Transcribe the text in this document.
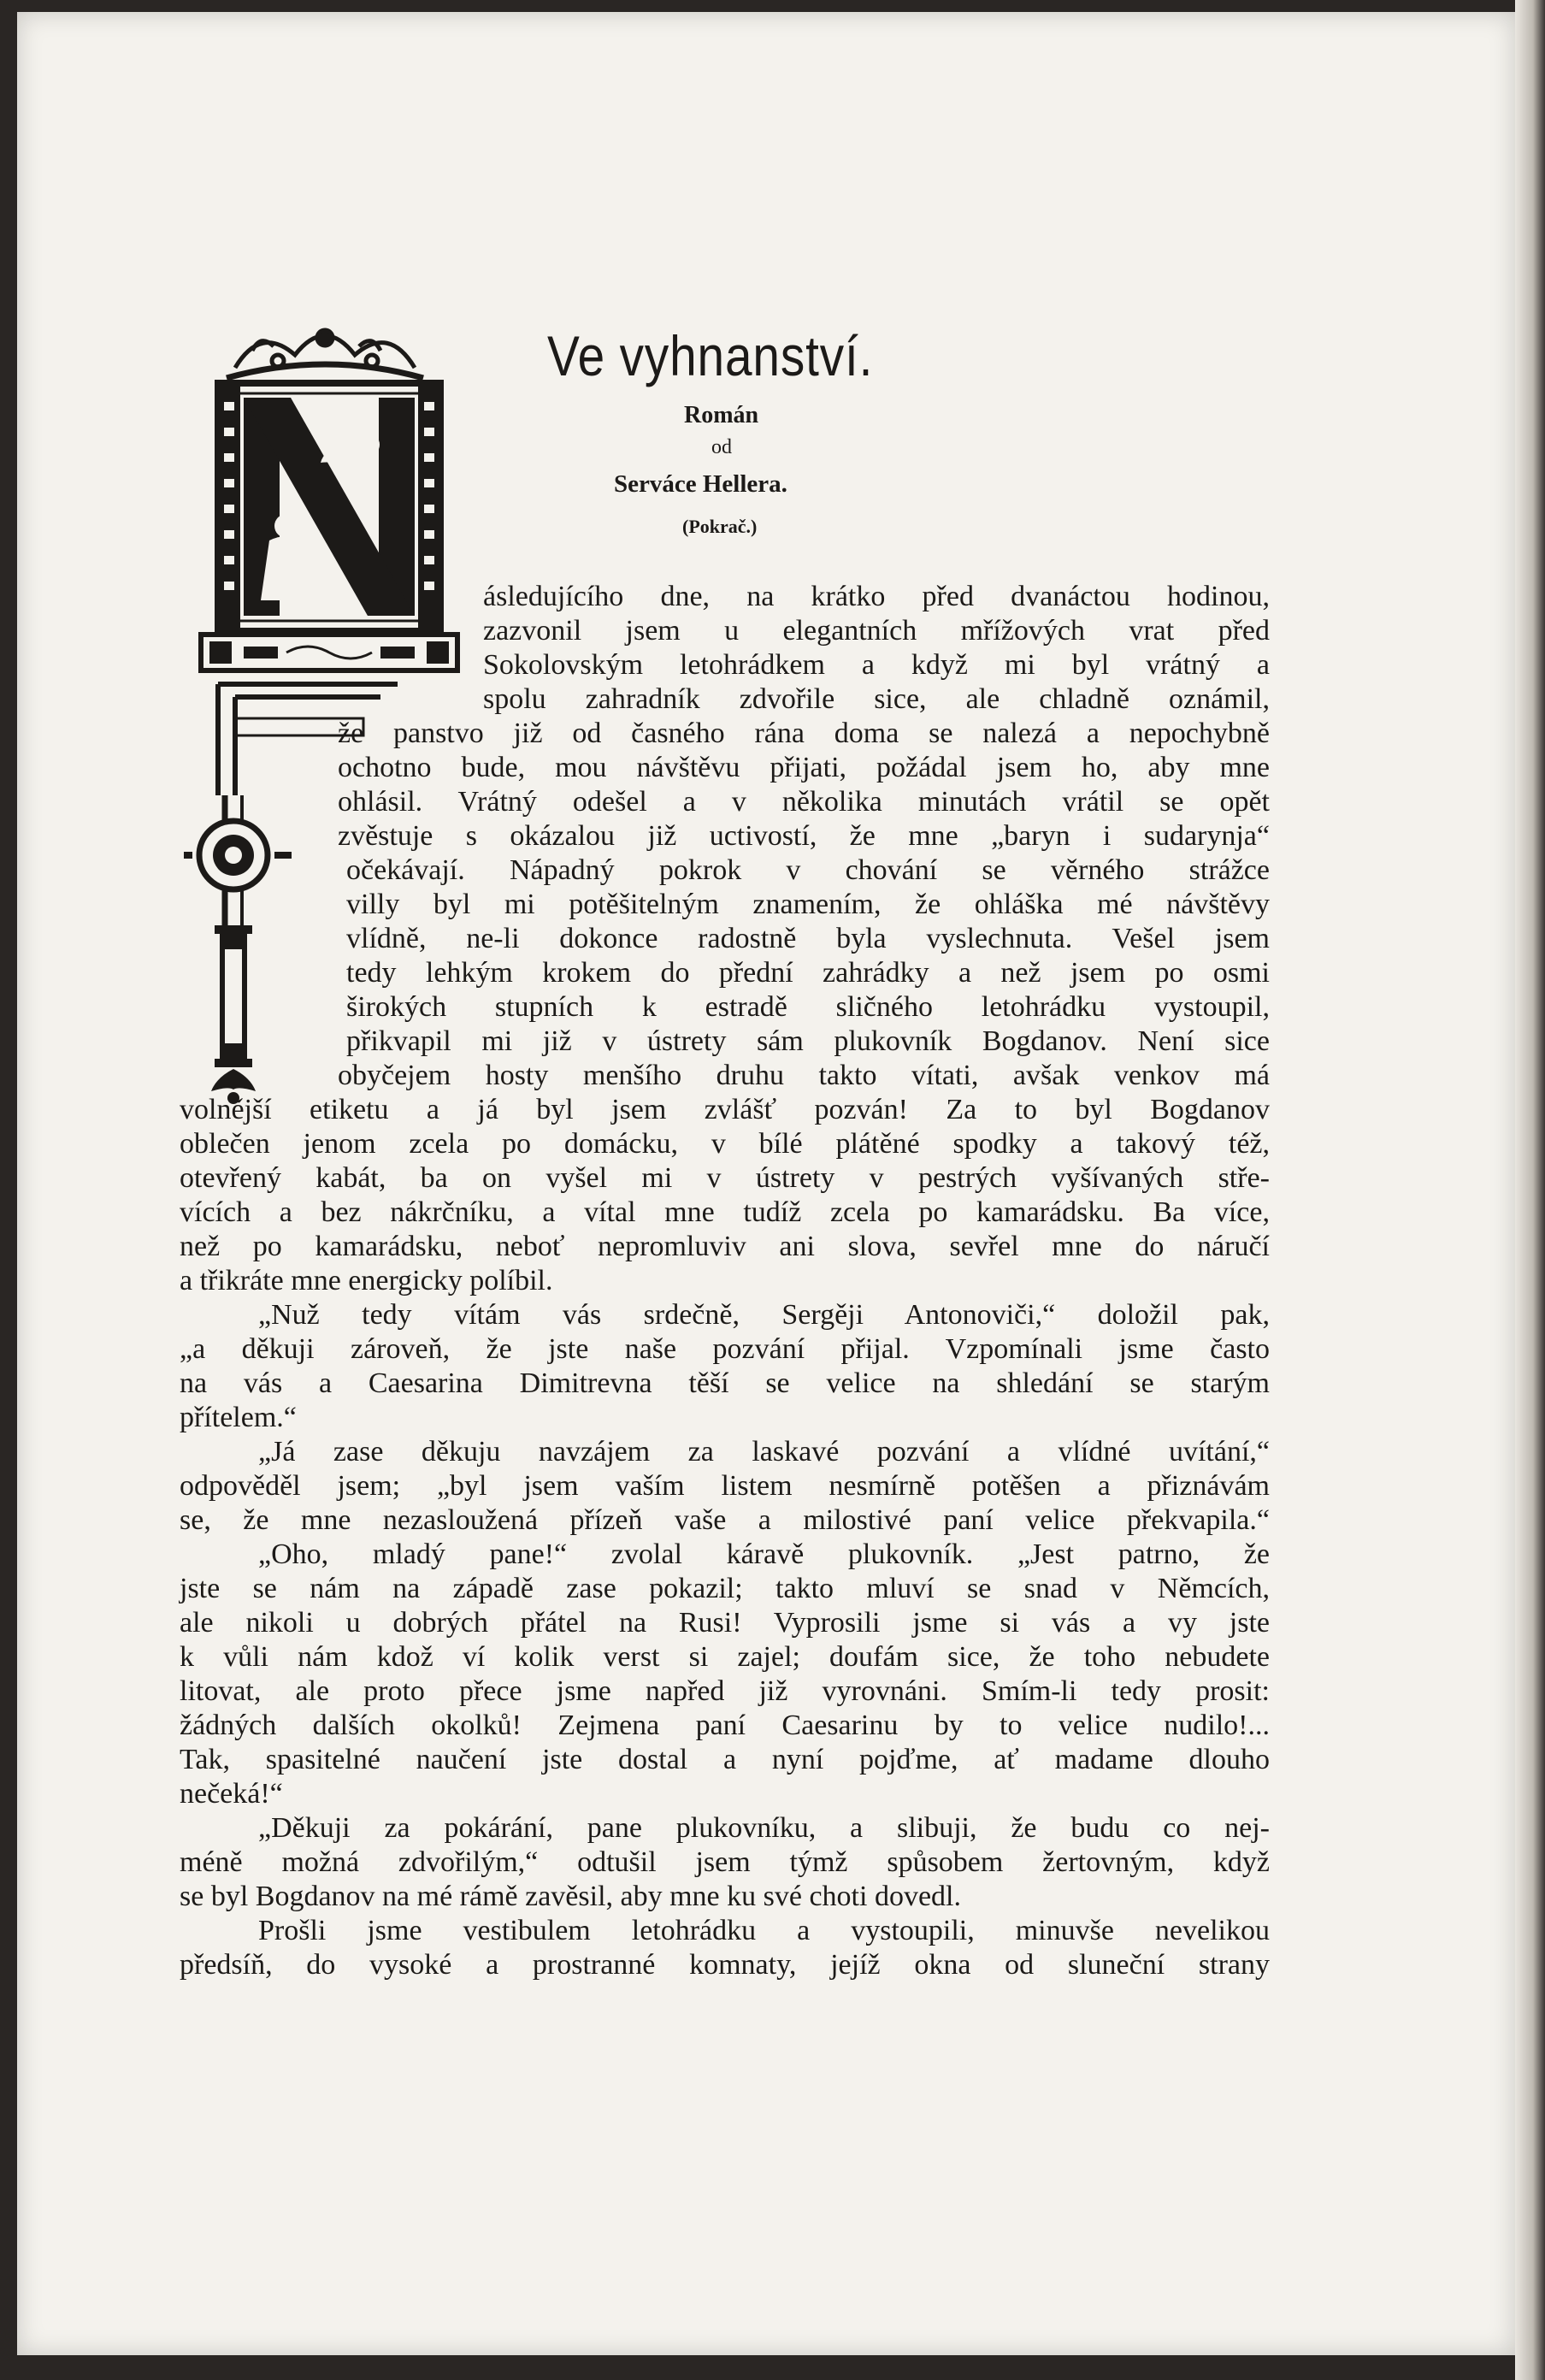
Ve vyhnanství.
Román
od
Serváce Hellera.
(Pokrač.)
ásledujícího dne, na krátko před dvanáctou hodinou,
zazvonil jsem u elegantních mřížových vrat před
Sokolovským letohrádkem a když mi byl vrátný a
spolu zahradník zdvořile sice, ale chladně oznámil,
že panstvo již od časného rána doma se nalezá a nepochybně
ochotno bude, mou návštěvu přijati, požádal jsem ho, aby mne
ohlásil. Vrátný odešel a v několika minutách vrátil se opět
zvěstuje s okázalou již uctivostí, že mne „baryn i sudarynja“
očekávají. Nápadný pokrok v chování se věrného strážce
villy byl mi potěšitelným znamením, že ohláška mé návštěvy
vlídně, ne-li dokonce radostně byla vyslechnuta. Vešel jsem
tedy lehkým krokem do přední zahrádky a než jsem po osmi
širokých stupních k estradě sličného letohrádku vystoupil,
přikvapil mi již v ústrety sám plukovník Bogdanov. Není sice
obyčejem hosty menšího druhu takto vítati, avšak venkov má
volnější etiketu a já byl jsem zvlášť pozván! Za to byl Bogdanov
oblečen jenom zcela po domácku, v bílé plátěné spodky a takový též,
otevřený kabát, ba on vyšel mi v ústrety v pestrých vyšívaných stře-
vících a bez nákrčníku, a vítal mne tudíž zcela po kamarádsku. Ba více,
než po kamarádsku, neboť nepromluviv ani slova, sevřel mne do náručí
a třikráte mne energicky políbil.
„Nuž tedy vítám vás srdečně, Sergěji Antonoviči,“ doložil pak,
„a děkuji zároveň, že jste naše pozvání přijal. Vzpomínali jsme často
na vás a Caesarina Dimitrevna těší se velice na shledání se starým
přítelem.“
„Já zase děkuju navzájem za laskavé pozvání a vlídné uvítání,“
odpověděl jsem; „byl jsem vaším listem nesmírně potěšen a přiznávám
se, že mne nezasloužená přízeň vaše a milostivé paní velice překvapila.“
„Oho, mladý pane!“ zvolal káravě plukovník. „Jest patrno, že
jste se nám na západě zase pokazil; takto mluví se snad v Němcích,
ale nikoli u dobrých přátel na Rusi! Vyprosili jsme si vás a vy jste
k vůli nám kdož ví kolik verst si zajel; doufám sice, že toho nebudete
litovat, ale proto přece jsme napřed již vyrovnáni. Smím-li tedy prosit:
žádných dalších okolků! Zejmena paní Caesarinu by to velice nudilo!...
Tak, spasitelné naučení jste dostal a nyní pojďme, ať madame dlouho
nečeká!“
„Děkuji za pokárání, pane plukovníku, a slibuji, že budu co nej-
méně možná zdvořilým,“ odtušil jsem týmž spůsobem žertovným, když
se byl Bogdanov na mé rámě zavěsil, aby mne ku své choti dovedl.
Prošli jsme vestibulem letohrádku a vystoupili, minuvše nevelikou
předsíň, do vysoké a prostranné komnaty, jejíž okna od sluneční strany
